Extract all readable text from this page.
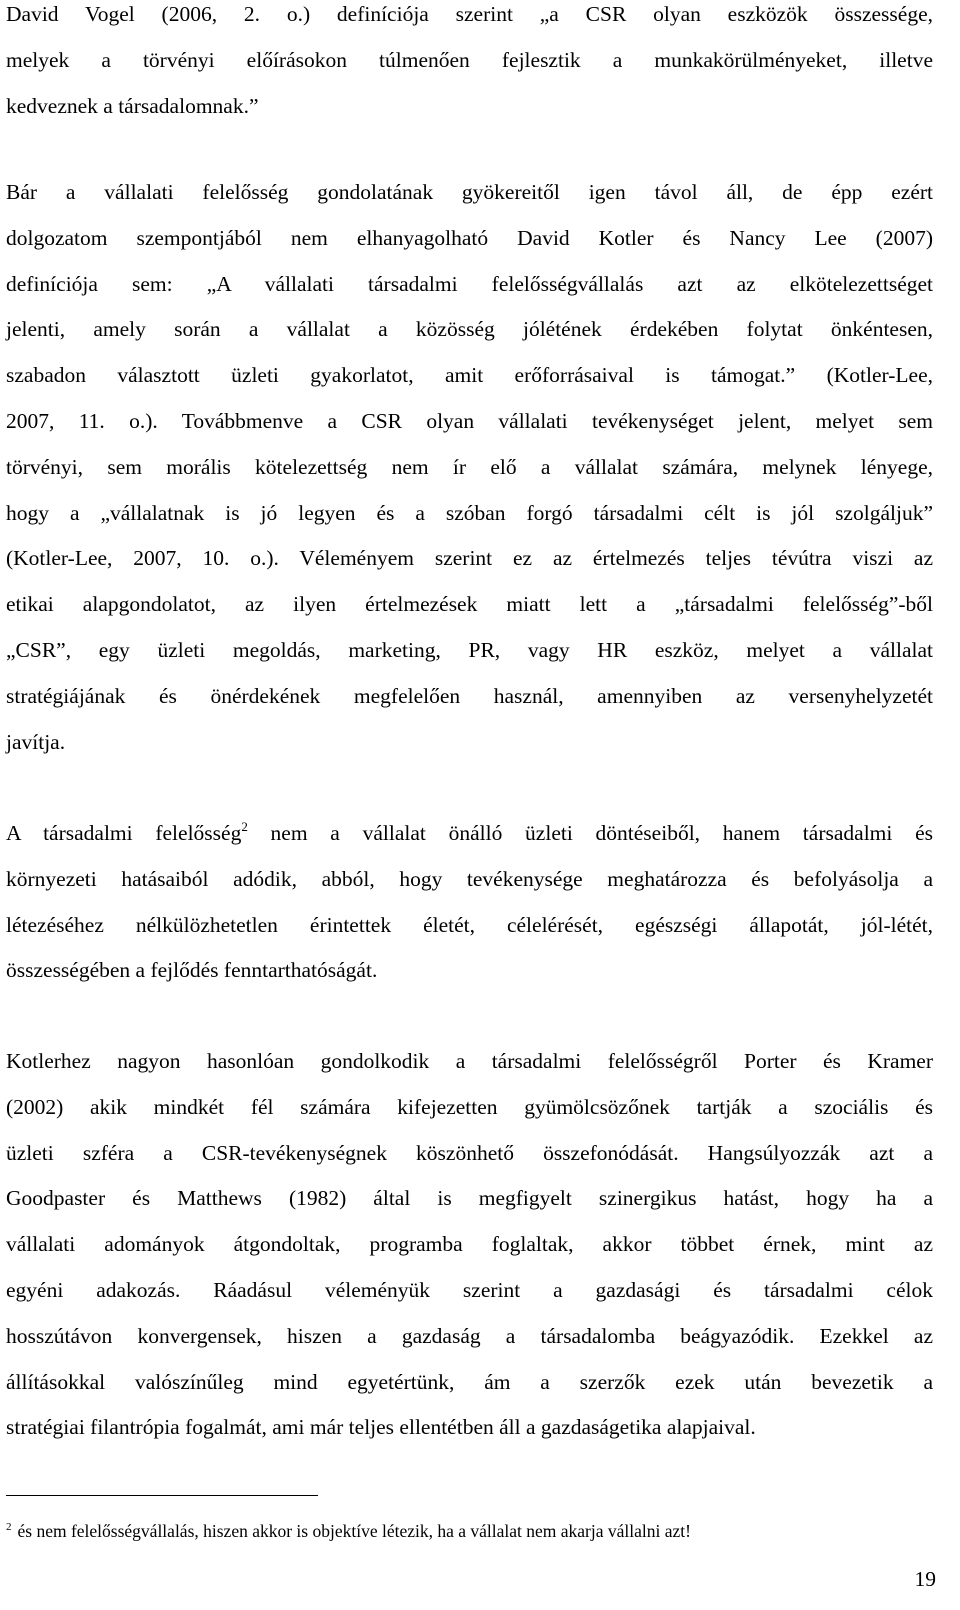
David Vogel (2006, 2. o.) definíciója szerint „a CSR olyan eszközök összessége,
melyek a törvényi előírásokon túlmenően fejlesztik a munkakörülményeket, illetve
kedveznek a társadalomnak.”

Bár a vállalati felelősség gondolatának gyökereitől igen távol áll, de épp ezért
dolgozatom szempontjából nem elhanyagolható David Kotler és Nancy Lee (2007)
definíciója sem: „A vállalati társadalmi felelősségvállalás azt az elkötelezettséget
jelenti, amely során a vállalat a közösség jólétének érdekében folytat önkéntesen,
szabadon választott üzleti gyakorlatot, amit erőforrásaival is támogat.” (Kotler-Lee,
2007, 11. o.). Továbbmenve a CSR olyan vállalati tevékenységet jelent, melyet sem
törvényi, sem morális kötelezettség nem ír elő a vállalat számára, melynek lényege,
hogy a „vállalatnak is jó legyen és a szóban forgó társadalmi célt is jól szolgáljuk”
(Kotler-Lee, 2007, 10. o.). Véleményem szerint ez az értelmezés teljes tévútra viszi az
etikai alapgondolatot, az ilyen értelmezések miatt lett a „társadalmi felelősség”-ből
„CSR”, egy üzleti megoldás, marketing, PR, vagy HR eszköz, melyet a vállalat
stratégiájának és önérdekének megfelelően használ, amennyiben az versenyhelyzetét
javítja.

A társadalmi felelősség$^2$ nem a vállalat önálló üzleti döntéseiből, hanem társadalmi és
környezeti hatásaiból adódik, abból, hogy tevékenysége meghatározza és befolyásolja a
létezéséhez nélkülözhetetlen érintettek életét, célelérését, egészségi állapotát, jól-létét,
összességében a fejlődés fenntarthatóságát.

Kotlerhez nagyon hasonlóan gondolkodik a társadalmi felelősségről Porter és Kramer
(2002) akik mindkét fél számára kifejezetten gyümölcsözőnek tartják a szociális és
üzleti szféra a CSR-tevékenységnek köszönhető összefonódását. Hangsúlyozzák azt a
Goodpaster és Matthews (1982) által is megfigyelt szinergikus hatást, hogy ha a
vállalati adományok átgondoltak, programba foglaltak, akkor többet érnek, mint az
egyéni adakozás. Ráadásul véleményük szerint a gazdasági és társadalmi célok
hosszútávon konvergensek, hiszen a gazdaság a társadalomba beágyazódik. Ezekkel az
állításokkal valószínűleg mind egyetértünk, ám a szerzők ezek után bevezetik a
stratégiai filantrópia fogalmát, ami már teljes ellentétben áll a gazdaságetika alapjaival.

$^2$ és nem felelősségvállalás, hiszen akkor is objektíve létezik, ha a vállalat nem akarja vállalni azt!
19
